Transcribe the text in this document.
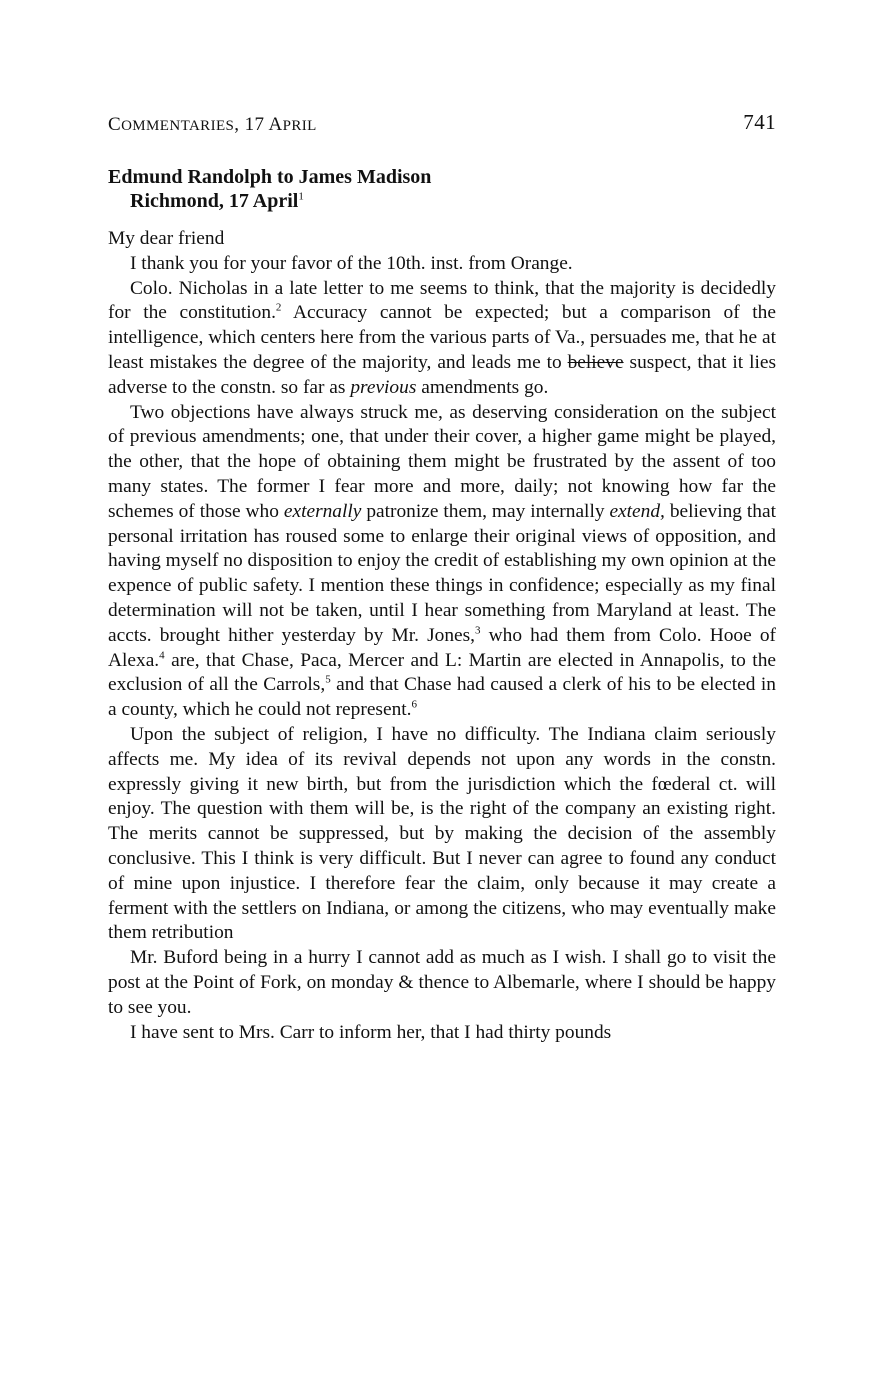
COMMENTARIES, 17 APRIL	741
Edmund Randolph to James Madison
Richmond, 17 April$^1$

My dear friend

I thank you for your favor of the 10th. inst. from Orange.

Colo. Nicholas in a late letter to me seems to think, that the majority is decidedly for the constitution.$^2$ Accuracy cannot be expected; but a comparison of the intelligence, which centers here from the various parts of Va., persuades me, that he at least mistakes the degree of the majority, and leads me to believe suspect, that it lies adverse to the constn. so far as previous amendments go.

Two objections have always struck me, as deserving consideration on the subject of previous amendments; one, that under their cover, a higher game might be played, the other, that the hope of obtaining them might be frustrated by the assent of too many states. The former I fear more and more, daily; not knowing how far the schemes of those who externally patronize them, may internally extend, believing that personal irritation has roused some to enlarge their original views of opposition, and having myself no disposition to enjoy the credit of establishing my own opinion at the expence of public safety. I mention these things in confidence; especially as my final determination will not be taken, until I hear something from Maryland at least. The accts. brought hither yesterday by Mr. Jones,$^3$ who had them from Colo. Hooe of Alexa.$^4$ are, that Chase, Paca, Mercer and L: Martin are elected in Annapolis, to the exclusion of all the Carrols,$^5$ and that Chase had caused a clerk of his to be elected in a county, which he could not represent.$^6$

Upon the subject of religion, I have no difficulty. The Indiana claim seriously affects me. My idea of its revival depends not upon any words in the constn. expressly giving it new birth, but from the jurisdiction which the fœderal ct. will enjoy. The question with them will be, is the right of the company an existing right. The merits cannot be suppressed, but by making the decision of the assembly conclusive. This I think is very difficult. But I never can agree to found any conduct of mine upon injustice. I therefore fear the claim, only because it may create a ferment with the settlers on Indiana, or among the citizens, who may eventually make them retribution

Mr. Buford being in a hurry I cannot add as much as I wish. I shall go to visit the post at the Point of Fork, on monday & thence to Albemarle, where I should be happy to see you.

I have sent to Mrs. Carr to inform her, that I had thirty pounds
